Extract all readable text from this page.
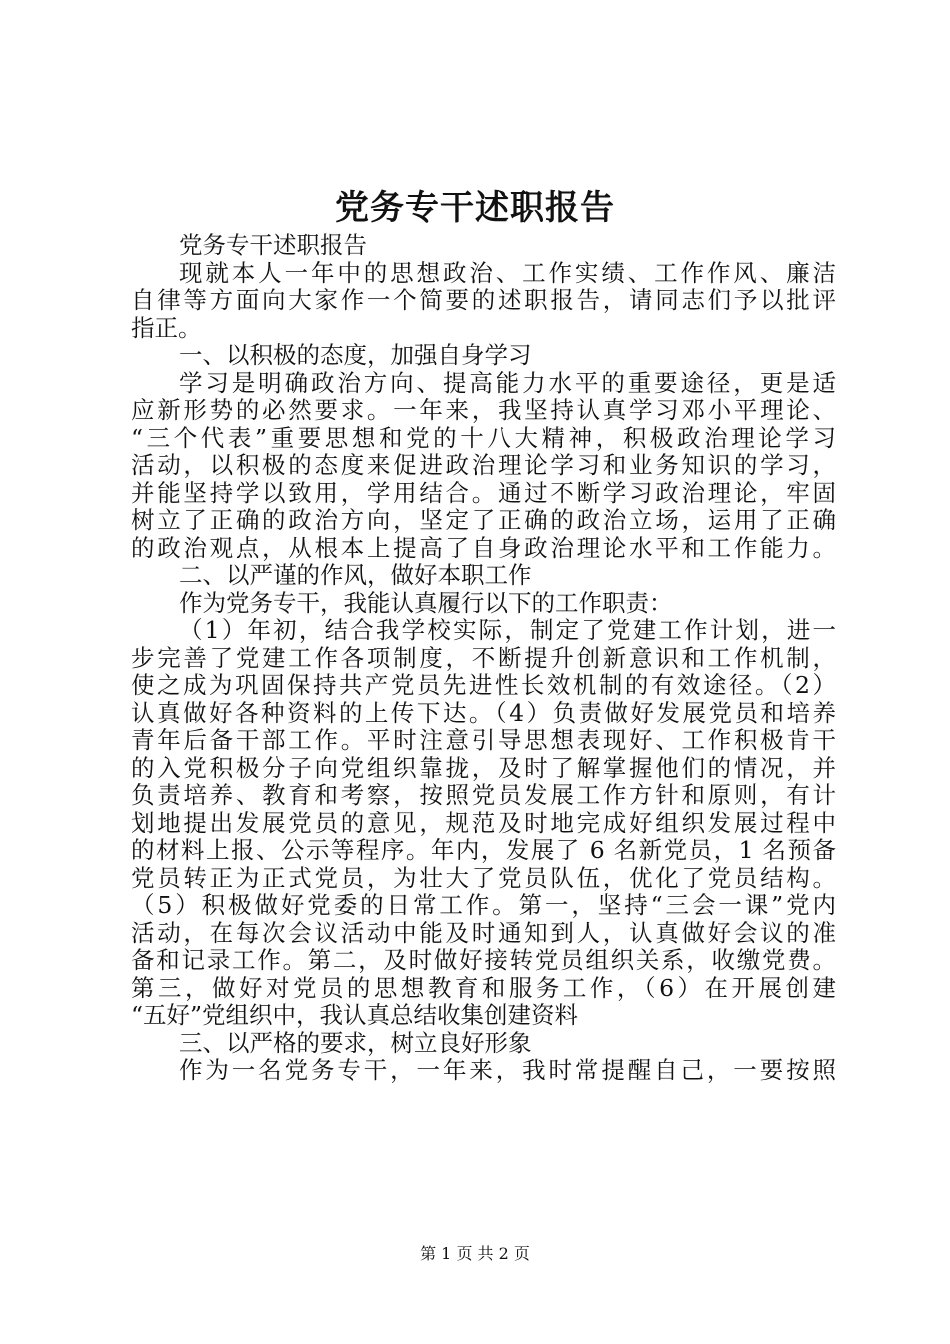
党务专干述职报告
党务专干述职报告
现就本人一年中的思想政治、工作实绩、工作作风、廉洁
自律等方面向大家作一个简要的述职报告，请同志们予以批评
指正。
一、以积极的态度，加强自身学习
学习是明确政治方向、提高能力水平的重要途径，更是适
应新形势的必然要求。一年来，我坚持认真学习邓小平理论、
“三个代表”重要思想和党的十八大精神，积极政治理论学习
活动，以积极的态度来促进政治理论学习和业务知识的学习，
并能坚持学以致用，学用结合。通过不断学习政治理论，牢固
树立了正确的政治方向，坚定了正确的政治立场，运用了正确
的政治观点，从根本上提高了自身政治理论水平和工作能力。
二、以严谨的作风，做好本职工作
作为党务专干，我能认真履行以下的工作职责：
（1）年初，结合我学校实际，制定了党建工作计划，进一
步完善了党建工作各项制度，不断提升创新意识和工作机制，
使之成为巩固保持共产党员先进性长效机制的有效途径。（2）
认真做好各种资料的上传下达。（4）负责做好发展党员和培养
青年后备干部工作。平时注意引导思想表现好、工作积极肯干
的入党积极分子向党组织靠拢，及时了解掌握他们的情况，并
负责培养、教育和考察，按照党员发展工作方针和原则，有计
划地提出发展党员的意见，规范及时地完成好组织发展过程中
的材料上报、公示等程序。年内，发展了 6 名新党员，1 名预备
党员转正为正式党员，为壮大了党员队伍，优化了党员结构。
（5）积极做好党委的日常工作。第一，坚持“三会一课”党内
活动，在每次会议活动中能及时通知到人，认真做好会议的准
备和记录工作。第二，及时做好接转党员组织关系，收缴党费。
第三，做好对党员的思想教育和服务工作，（6）在开展创建
“五好”党组织中，我认真总结收集创建资料
三、以严格的要求，树立良好形象
作为一名党务专干，一年来，我时常提醒自己，一要按照
第 1 页 共 2 页
